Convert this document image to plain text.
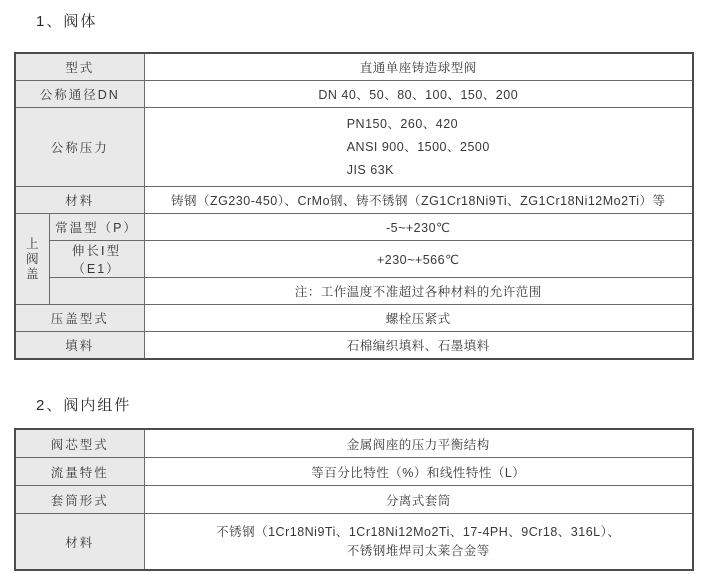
1、阀体
型式		直通单座铸造球型阀
公称通径DN		DN 40、50、80、100、150、200
公称压力		PN150、260、420
ANSI 900、1500、2500
JIS 63K

材料		铸钢（ZG230-450）、CrMo钢、铸不锈钢（ZG1Cr18Ni9Ti、ZG1Cr18Ni12Mo2Ti）等

上阀盖	常温型（P）	-5~+230℃
	伸长Ⅰ型（E1）	+230~+566℃
		注：工作温度不准超过各种材料的允许范围
压盖型式		螺栓压紧式
填料		石棉编织填料、石墨填料
2、阀内组件
阀芯型式	金属阀座的压力平衡结构
流量特性	等百分比特性（%）和线性特性（L）
套筒形式	分离式套筒
材料	不锈钢（1Cr18Ni9Ti、1Cr18Ni12Mo2Ti、17-4PH、9Cr18、316L）、
不锈钢堆焊司太莱合金等
